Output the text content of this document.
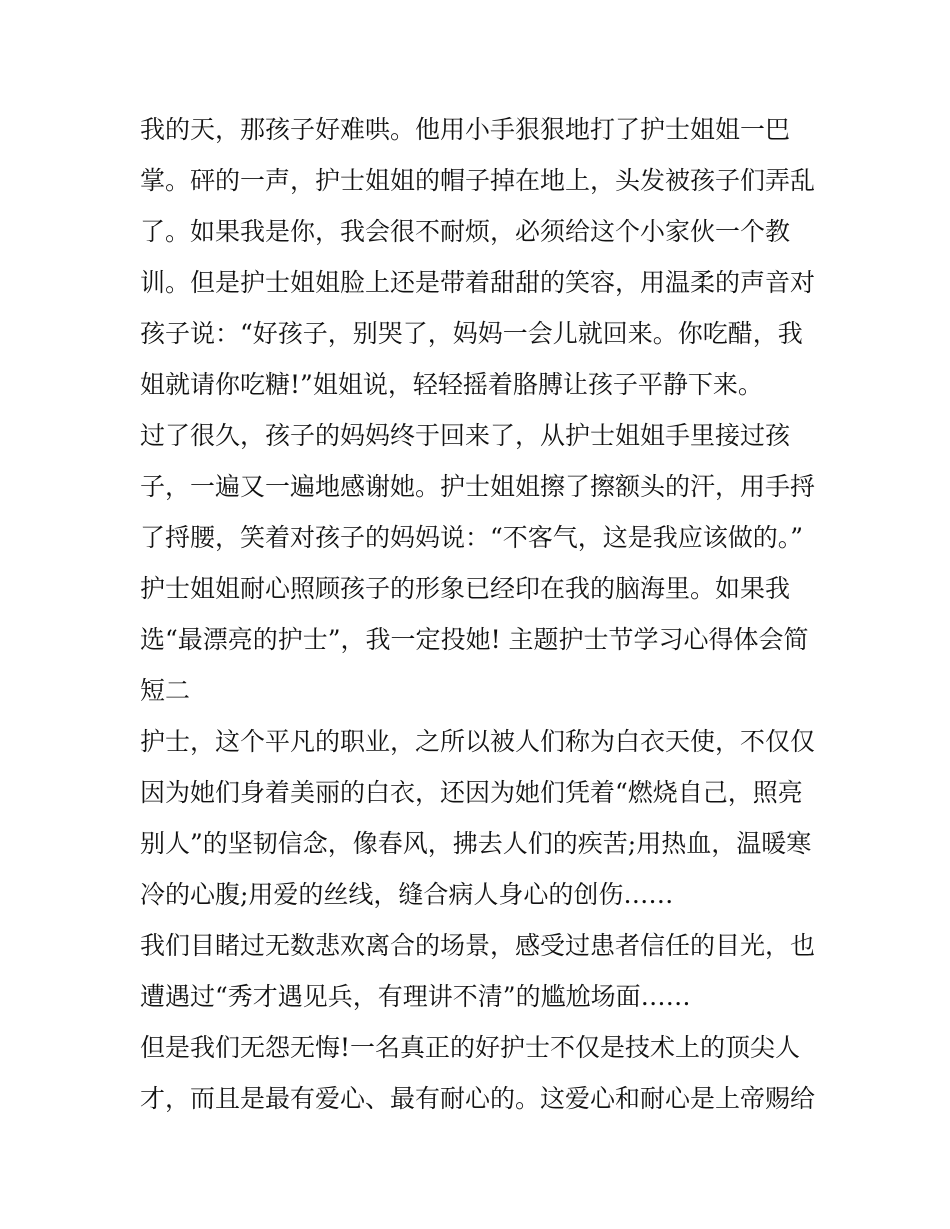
我的天，那孩子好难哄。他用小手狠狠地打了护士姐姐一巴
掌。砰的一声，护士姐姐的帽子掉在地上，头发被孩子们弄乱
了。如果我是你，我会很不耐烦，必须给这个小家伙一个教
训。但是护士姐姐脸上还是带着甜甜的笑容，用温柔的声音对
孩子说：“好孩子，别哭了，妈妈一会儿就回来。你吃醋，我
姐就请你吃糖!”姐姐说，轻轻摇着胳膊让孩子平静下来。
过了很久，孩子的妈妈终于回来了，从护士姐姐手里接过孩
子，一遍又一遍地感谢她。护士姐姐擦了擦额头的汗，用手捋
了捋腰，笑着对孩子的妈妈说：“不客气，这是我应该做的。”
护士姐姐耐心照顾孩子的形象已经印在我的脑海里。如果我
选“最漂亮的护士”，我一定投她! 主题护士节学习心得体会简
短二
护士，这个平凡的职业，之所以被人们称为白衣天使，不仅仅
因为她们身着美丽的白衣，还因为她们凭着“燃烧自己，照亮
别人”的坚韧信念，像春风，拂去人们的疾苦;用热血，温暖寒
冷的心腹;用爱的丝线，缝合病人身心的创伤……
我们目睹过无数悲欢离合的场景，感受过患者信任的目光，也
遭遇过“秀才遇见兵，有理讲不清”的尴尬场面……
但是我们无怨无悔!一名真正的好护士不仅是技术上的顶尖人
才，而且是最有爱心、最有耐心的。这爱心和耐心是上帝赐给
